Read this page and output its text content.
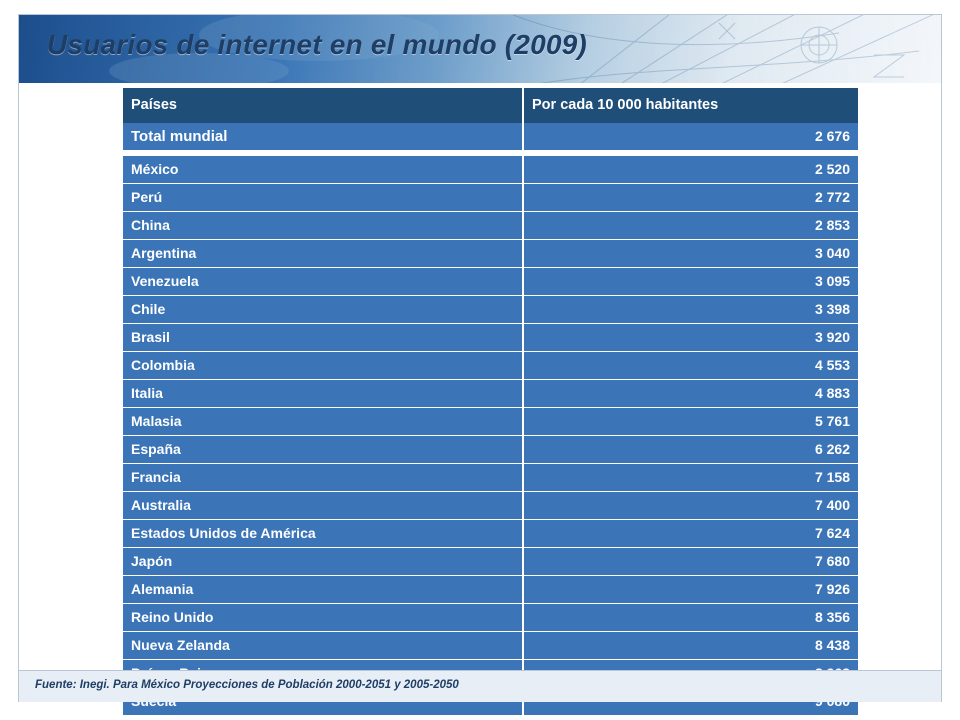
Usuarios de internet en el mundo (2009)
Países	Por cada 10 000 habitantes
Total mundial	2 676
México	2 520
Perú	2 772
China	2 853
Argentina	3 040
Venezuela	3 095
Chile	3 398
Brasil	3 920
Colombia	4 553
Italia	4 883
Malasia	5 761
España	6 262
Francia	7 158
Australia	7 400
Estados Unidos de América	7 624
Japón	7 680
Alemania	7 926
Reino Unido	8 356
Nueva Zelanda	8 438

Fuente: Inegi. Para México Proyecciones de Población 2000-2051 y 2005-2050
